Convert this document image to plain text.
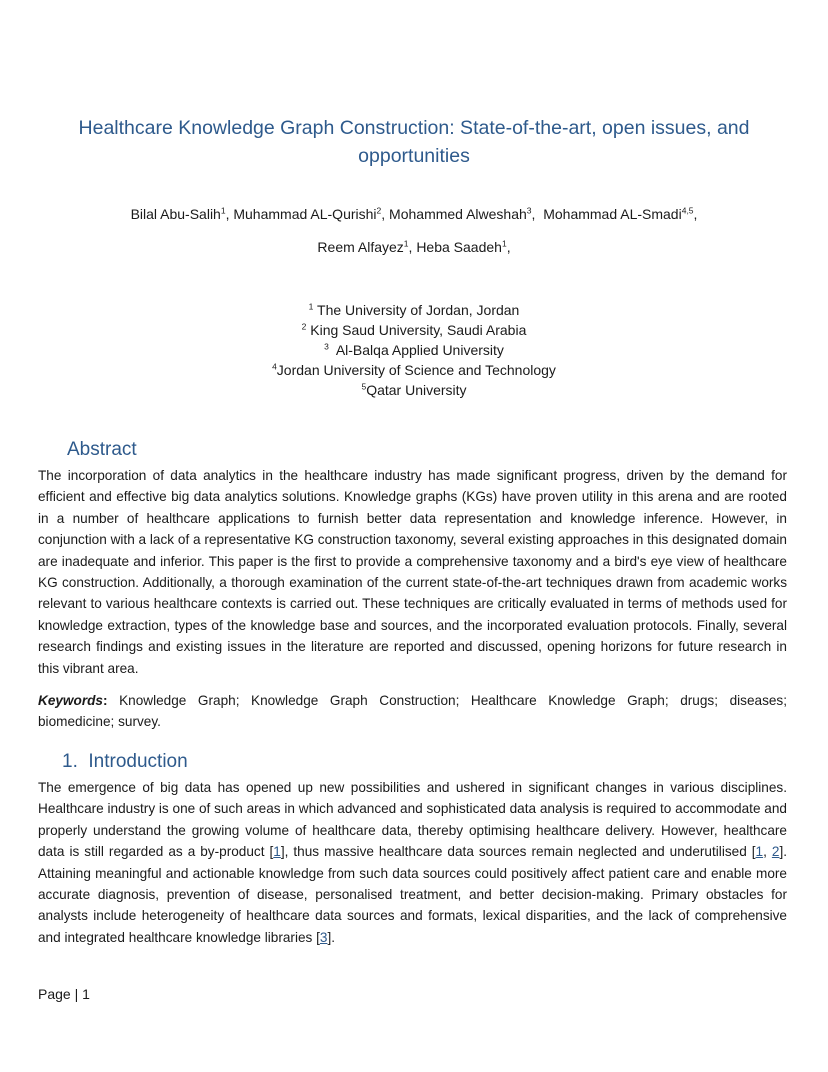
Healthcare Knowledge Graph Construction: State-of-the-art, open issues, and opportunities
Bilal Abu-Salih$^1$, Muhammad AL-Qurishi$^2$, Mohammed Alweshah$^3$,  Mohammad AL-Smadi$^{4,5}$,
Reem Alfayez$^1$, Heba Saadeh$^1$,
$^1$ The University of Jordan, Jordan
$^2$ King Saud University, Saudi Arabia
$^3$  Al-Balqa Applied University
$^4$Jordan University of Science and Technology
$^5$Qatar University
Abstract
The incorporation of data analytics in the healthcare industry has made significant progress, driven by the demand for efficient and effective big data analytics solutions. Knowledge graphs (KGs) have proven utility in this arena and are rooted in a number of healthcare applications to furnish better data representation and knowledge inference. However, in conjunction with a lack of a representative KG construction taxonomy, several existing approaches in this designated domain are inadequate and inferior. This paper is the first to provide a comprehensive taxonomy and a bird's eye view of healthcare KG construction. Additionally, a thorough examination of the current state-of-the-art techniques drawn from academic works relevant to various healthcare contexts is carried out. These techniques are critically evaluated in terms of methods used for knowledge extraction, types of the knowledge base and sources, and the incorporated evaluation protocols. Finally, several research findings and existing issues in the literature are reported and discussed, opening horizons for future research in this vibrant area.
Keywords: Knowledge Graph; Knowledge Graph Construction; Healthcare Knowledge Graph; drugs; diseases; biomedicine; survey.
1.  Introduction
The emergence of big data has opened up new possibilities and ushered in significant changes in various disciplines. Healthcare industry is one of such areas in which advanced and sophisticated data analysis is required to accommodate and properly understand the growing volume of healthcare data, thereby optimising healthcare delivery. However, healthcare data is still regarded as a by-product [1], thus massive healthcare data sources remain neglected and underutilised [1, 2]. Attaining meaningful and actionable knowledge from such data sources could positively affect patient care and enable more accurate diagnosis, prevention of disease, personalised treatment, and better decision-making. Primary obstacles for analysts include heterogeneity of healthcare data sources and formats, lexical disparities, and the lack of comprehensive and integrated healthcare knowledge libraries [3].
Page | 1
